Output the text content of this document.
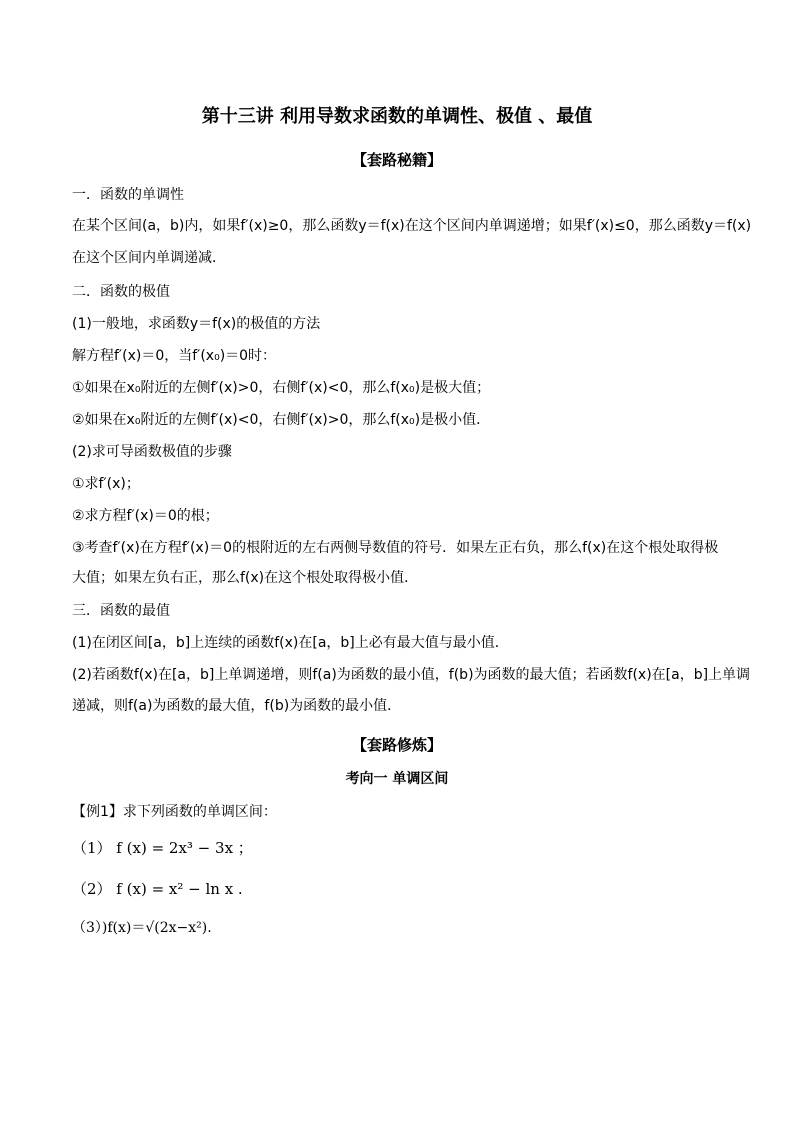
第十三讲 利用导数求函数的单调性、极值 、最值
【套路秘籍】
一．函数的单调性
在某个区间(a，b)内，如果f′(x)≥0，那么函数y＝f(x)在这个区间内单调递增；如果f′(x)≤0，那么函数y＝f(x)
在这个区间内单调递减．
二．函数的极值
(1)一般地，求函数y＝f(x)的极值的方法
解方程f′(x)＝0，当f′(x₀)＝0时：
①如果在x₀附近的左侧f′(x)>0，右侧f′(x)<0，那么f(x₀)是极大值；
②如果在x₀附近的左侧f′(x)<0，右侧f′(x)>0，那么f(x₀)是极小值．
(2)求可导函数极值的步骤
①求f′(x)；
②求方程f′(x)＝0的根；
③考查f′(x)在方程f′(x)＝0的根附近的左右两侧导数值的符号．如果左正右负，那么f(x)在这个根处取得极
大值；如果左负右正，那么f(x)在这个根处取得极小值．
三．函数的最值
(1)在闭区间[a，b]上连续的函数f(x)在[a，b]上必有最大值与最小值．
(2)若函数f(x)在[a，b]上单调递增，则f(a)为函数的最小值，f(b)为函数的最大值；若函数f(x)在[a，b]上单调
递减，则f(a)为函数的最大值，f(b)为函数的最小值．
【套路修炼】
考向一 单调区间
【例1】求下列函数的单调区间：
（1） f (x) = 2x³ − 3x ；
（2） f (x) = x² − ln x .
（3）)f(x)＝√(2x−x²).
